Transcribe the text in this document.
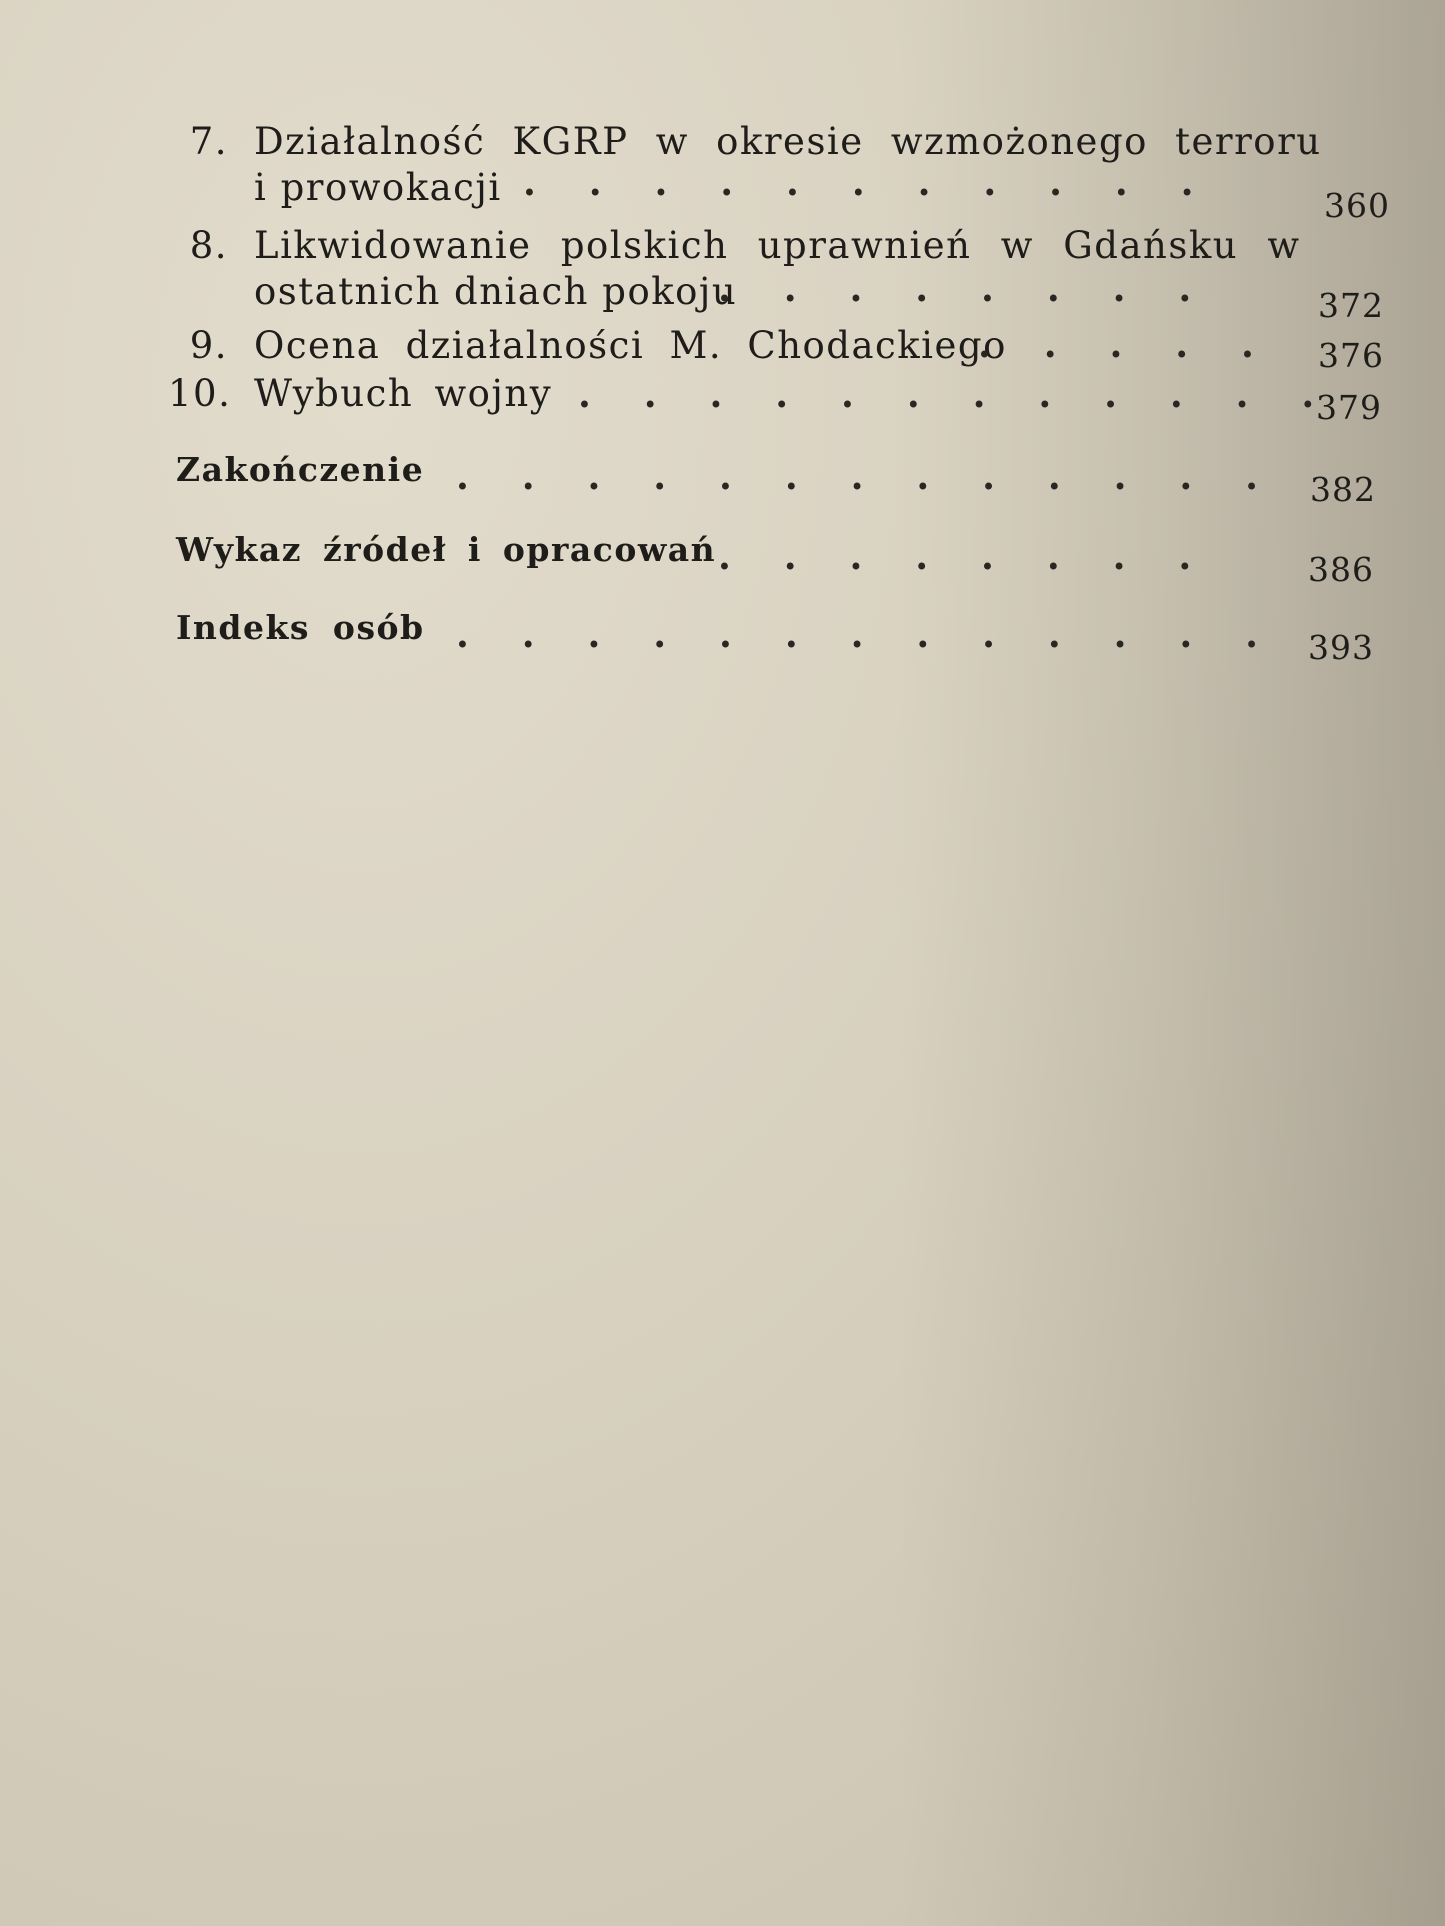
7. Działalność KGRP w okresie wzmożonego terroru
i prowokacji . . . . . . . . . . .
360
8. Likwidowanie polskich uprawnień w Gdańsku w
ostatnich dniach pokoju
. . . . . . . .	372
9. Ocena działalności M. Chodackiego
. . . . . 376
10. Wybuch wojny . . . . . . . . . . . .
379
Zakończenie . . . . . . . . . . . . . 382
Wykaz źródeł i opracowań . . . . . . . .	386
Indeks osób . . . . . . . . . . . . . 393
